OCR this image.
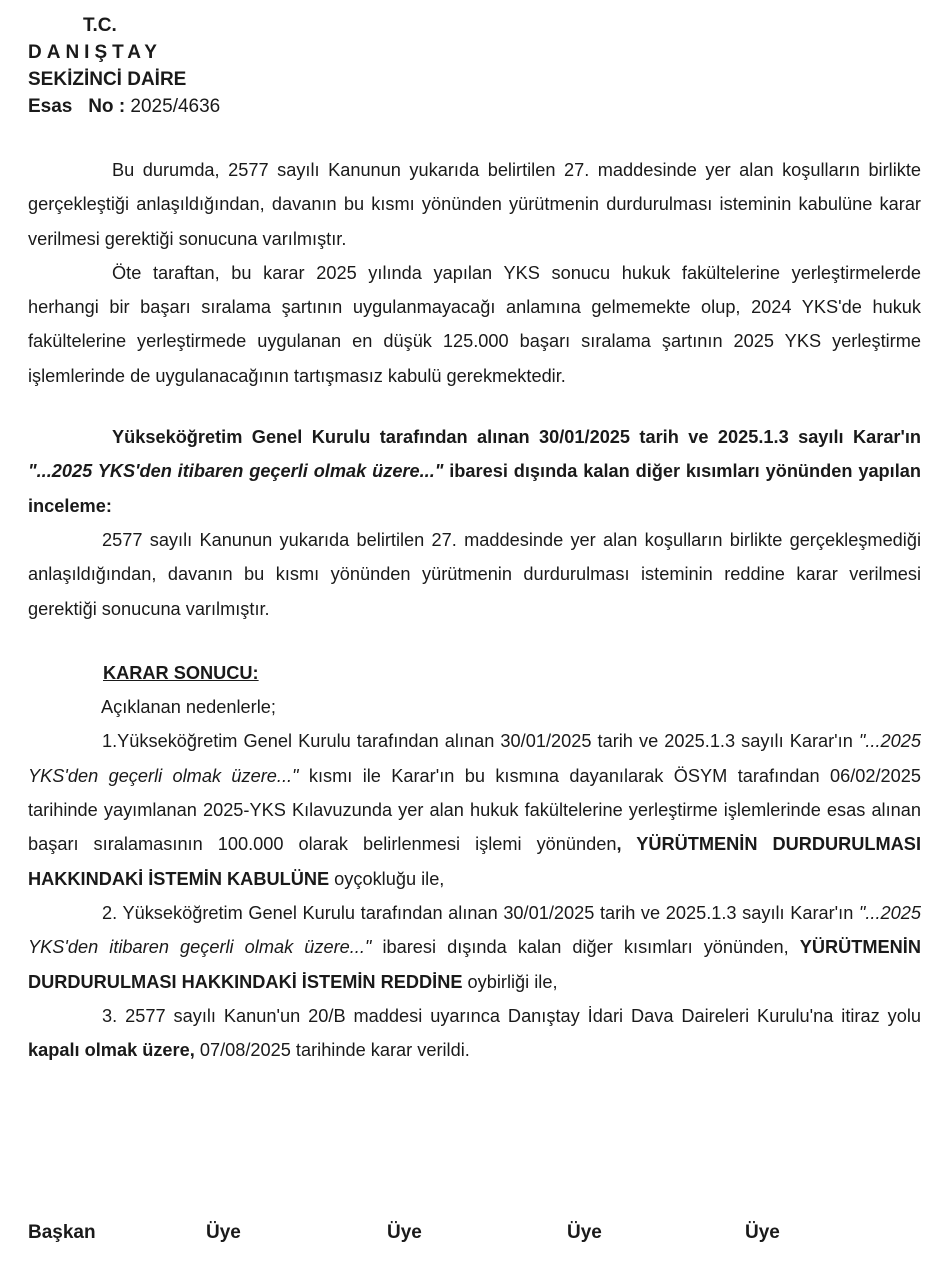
T.C.
DANIŞTAY
SEKİZİNCİ DAİRE
Esas   No : 2025/4636

Bu durumda, 2577 sayılı Kanunun yukarıda belirtilen 27. maddesinde yer alan koşulların birlikte gerçekleştiği anlaşıldığından, davanın bu kısmı yönünden yürütmenin durdurulması isteminin kabulüne karar verilmesi gerektiği sonucuna varılmıştır.

Öte taraftan, bu karar 2025 yılında yapılan YKS sonucu hukuk fakültelerine yerleştirmelerde herhangi bir başarı sıralama şartının uygulanmayacağı anlamına gelmemekte olup, 2024 YKS'de hukuk fakültelerine yerleştirmede uygulanan en düşük 125.000 başarı sıralama şartının 2025 YKS yerleştirme işlemlerinde de uygulanacağının tartışmasız kabulü gerekmektedir.

Yükseköğretim Genel Kurulu tarafından alınan 30/01/2025 tarih ve 2025.1.3 sayılı Karar'ın "...2025 YKS'den itibaren geçerli olmak üzere..." ibaresi dışında kalan diğer kısımları yönünden yapılan inceleme:

2577 sayılı Kanunun yukarıda belirtilen 27. maddesinde yer alan koşulların birlikte gerçekleşmediği anlaşıldığından, davanın bu kısmı yönünden yürütmenin durdurulması isteminin reddine karar verilmesi gerektiği sonucuna varılmıştır.

KARAR SONUCU:
Açıklanan nedenlerle;

1.Yükseköğretim Genel Kurulu tarafından alınan 30/01/2025 tarih ve 2025.1.3 sayılı Karar'ın "...2025 YKS'den geçerli olmak üzere..." kısmı ile Karar'ın bu kısmına dayanılarak ÖSYM tarafından 06/02/2025 tarihinde yayımlanan 2025-YKS Kılavuzunda yer alan hukuk fakültelerine yerleştirme işlemlerinde esas alınan başarı sıralamasının 100.000 olarak belirlenmesi işlemi yönünden, YÜRÜTMENİN DURDURULMASI HAKKINDAKİ İSTEMİN KABULÜNE oyçokluğu ile,

2. Yükseköğretim Genel Kurulu tarafından alınan 30/01/2025 tarih ve 2025.1.3 sayılı Karar'ın "...2025 YKS'den itibaren geçerli olmak üzere..." ibaresi dışında kalan diğer kısımları yönünden, YÜRÜTMENİN DURDURULMASI HAKKINDAKİ İSTEMİN REDDİNE oybirliği ile,

3. 2577 sayılı Kanun'un 20/B maddesi uyarınca Danıştay İdari Dava Daireleri Kurulu'na itiraz yolu kapalı olmak üzere, 07/08/2025 tarihinde karar verildi.

Başkan	Üye	Üye	Üye	Üye
